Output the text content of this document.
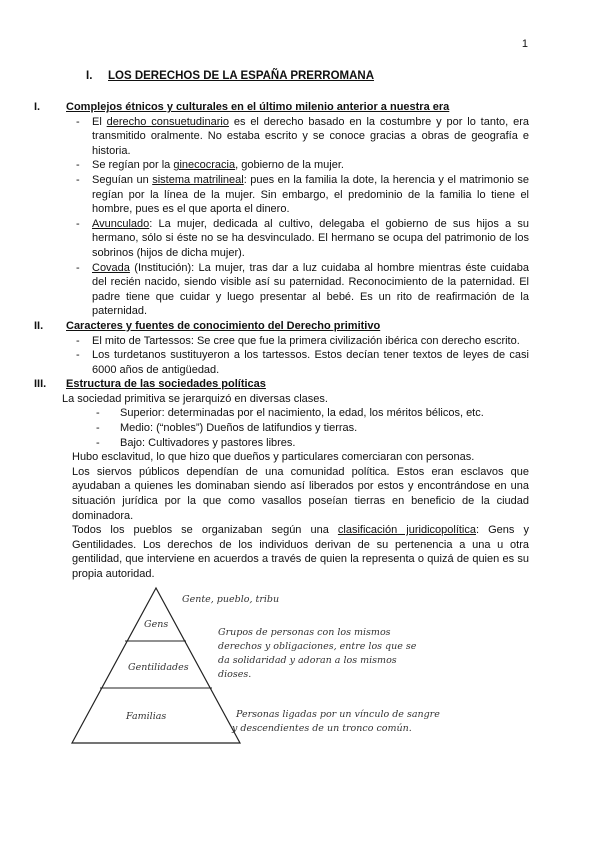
1
I. LOS DERECHOS DE LA ESPAÑA PRERROMANA
I. Complejos étnicos y culturales en el último milenio anterior a nuestra era
- El derecho consuetudinario es el derecho basado en la costumbre y por lo tanto, era transmitido oralmente. No estaba escrito y se conoce gracias a obras de geografía e historia.
- Se regían por la ginecocracia, gobierno de la mujer.
- Seguían un sistema matrilineal: pues en la familia la dote, la herencia y el matrimonio se regían por la línea de la mujer. Sin embargo, el predominio de la familia lo tiene el hombre, pues es el que aporta el dinero.
- Avunculado: La mujer, dedicada al cultivo, delegaba el gobierno de sus hijos a su hermano, sólo si éste no se ha desvinculado. El hermano se ocupa del patrimonio de los sobrinos (hijos de dicha mujer).
- Covada (Institución): La mujer, tras dar a luz cuidaba al hombre mientras éste cuidaba del recién nacido, siendo visible así su paternidad. Reconocimiento de la paternidad. El padre tiene que cuidar y luego presentar al bebé. Es un rito de reafirmación de la paternidad.
II. Caracteres y fuentes de conocimiento del Derecho primitivo
- El mito de Tartessos: Se cree que fue la primera civilización ibérica con derecho escrito.
- Los turdetanos sustituyeron a los tartessos. Estos decían tener textos de leyes de casi 6000 años de antigüedad.
III. Estructura de las sociedades políticas
La sociedad primitiva se jerarquizó en diversas clases.
- Superior: determinadas por el nacimiento, la edad, los méritos bélicos, etc.
- Medio: (“nobles”) Dueños de latifundios y tierras.
- Bajo: Cultivadores y pastores libres.
Hubo esclavitud, lo que hizo que dueños y particulares comerciaran con personas.
Los siervos públicos dependían de una comunidad política. Estos eran esclavos que ayudaban a quienes les dominaban siendo así liberados por estos y encontrándose en una situación jurídica por la que como vasallos poseían tierras en beneficio de la ciudad dominadora.
Todos los pueblos se organizaban según una clasificación juridicopolítica: Gens y Gentilidades. Los derechos de los individuos derivan de su pertenencia a una u otra gentilidad, que interviene en acuerdos a través de quien la representa o quizá de quien es su propia autoridad.
Gens
Gentilidades
Familias
Gente, pueblo, tribu
Grupos de personas con los mismos
derechos y obligaciones, entre los que se
da solidaridad y adoran a los mismos
dioses.
Personas ligadas por un vínculo de sangre
y descendientes de un tronco común.
